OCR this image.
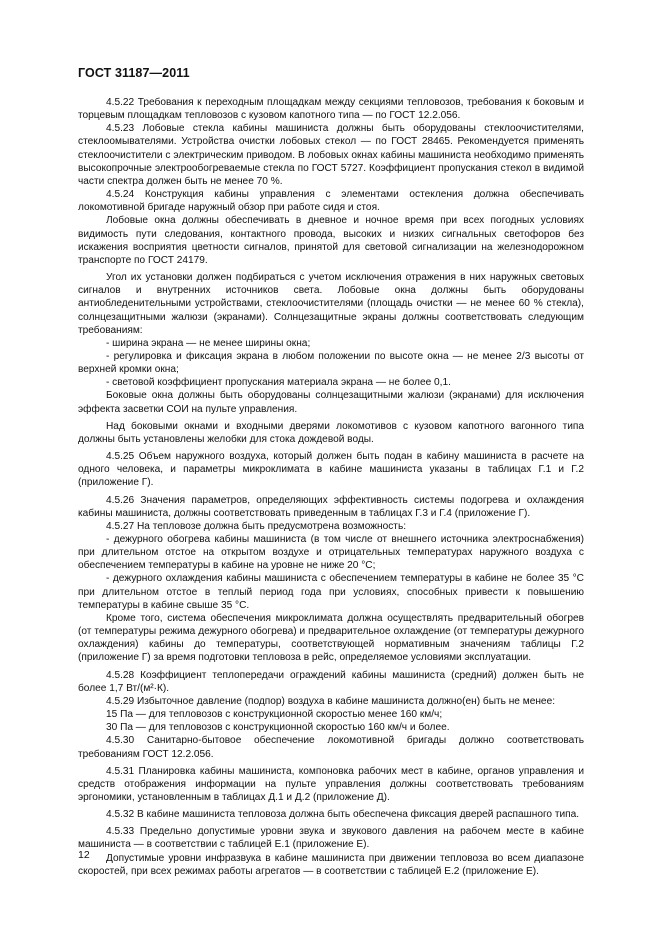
ГОСТ 31187—2011

4.5.22 Требования к переходным площадкам между секциями тепловозов, требования к боковым и торцевым площадкам тепловозов с кузовом капотного типа — по ГОСТ 12.2.056.

4.5.23 Лобовые стекла кабины машиниста должны быть оборудованы стеклоочистителями, стеклоомывателями. Устройства очистки лобовых стекол — по ГОСТ 28465. Рекомендуется применять стеклоочистители с электрическим приводом. В лобовых окнах кабины машиниста необходимо применять высокопрочные электрообогреваемые стекла по ГОСТ 5727. Коэффициент пропускания стекол в видимой части спектра должен быть не менее 70 %.

4.5.24 Конструкция кабины управления с элементами остекления должна обеспечивать локомотивной бригаде наружный обзор при работе сидя и стоя.

Лобовые окна должны обеспечивать в дневное и ночное время при всех погодных условиях видимость пути следования, контактного провода, высоких и низких сигнальных светофоров без искажения восприятия цветности сигналов, принятой для световой сигнализации на железнодорожном транспорте по ГОСТ 24179.

Угол их установки должен подбираться с учетом исключения отражения в них наружных световых сигналов и внутренних источников света. Лобовые окна должны быть оборудованы антиобледенительными устройствами, стеклоочистителями (площадь очистки — не менее 60 % стекла), солнцезащитными жалюзи (экранами). Солнцезащитные экраны должны соответствовать следующим требованиям:

- ширина экрана — не менее ширины окна;

- регулировка и фиксация экрана в любом положении по высоте окна — не менее 2/3 высоты от верхней кромки окна;

- световой коэффициент пропускания материала экрана — не более 0,1.

Боковые окна должны быть оборудованы солнцезащитными жалюзи (экранами) для исключения эффекта засветки СОИ на пульте управления.

Над боковыми окнами и входными дверями локомотивов с кузовом капотного вагонного типа должны быть установлены желобки для стока дождевой воды.

4.5.25 Объем наружного воздуха, который должен быть подан в кабину машиниста в расчете на одного человека, и параметры микроклимата в кабине машиниста указаны в таблицах Г.1 и Г.2 (приложение Г).

4.5.26 Значения параметров, определяющих эффективность системы подогрева и охлаждения кабины машиниста, должны соответствовать приведенным в таблицах Г.3 и Г.4 (приложение Г).

4.5.27 На тепловозе должна быть предусмотрена возможность:

- дежурного обогрева кабины машиниста (в том числе от внешнего источника электроснабжения) при длительном отстое на открытом воздухе и отрицательных температурах наружного воздуха с обеспечением температуры в кабине на уровне не ниже 20 °C;

- дежурного охлаждения кабины машиниста с обеспечением температуры в кабине не более 35 °C при длительном отстое в теплый период года при условиях, способных привести к повышению температуры в кабине свыше 35 °C.

Кроме того, система обеспечения микроклимата должна осуществлять предварительный обогрев (от температуры режима дежурного обогрева) и предварительное охлаждение (от температуры дежурного охлаждения) кабины до температуры, соответствующей нормативным значениям таблицы Г.2 (приложение Г) за время подготовки тепловоза в рейс, определяемое условиями эксплуатации.

4.5.28 Коэффициент теплопередачи ограждений кабины машиниста (средний) должен быть не более 1,7 Вт/(м²·К).

4.5.29 Избыточное давление (подпор) воздуха в кабине машиниста должно(ен) быть не менее:

15 Па — для тепловозов с конструкционной скоростью менее 160 км/ч;

30 Па — для тепловозов с конструкционной скоростью 160 км/ч и более.

4.5.30 Санитарно-бытовое обеспечение локомотивной бригады должно соответствовать требованиям ГОСТ 12.2.056.

4.5.31 Планировка кабины машиниста, компоновка рабочих мест в кабине, органов управления и средств отображения информации на пульте управления должны соответствовать требованиям эргономики, установленным в таблицах Д.1 и Д.2 (приложение Д).

4.5.32 В кабине машиниста тепловоза должна быть обеспечена фиксация дверей распашного типа.

4.5.33 Предельно допустимые уровни звука и звукового давления на рабочем месте в кабине машиниста — в соответствии с таблицей Е.1 (приложение Е).

Допустимые уровни инфразвука в кабине машиниста при движении тепловоза во всем диапазоне скоростей, при всех режимах работы агрегатов — в соответствии с таблицей Е.2 (приложение Е).

12
